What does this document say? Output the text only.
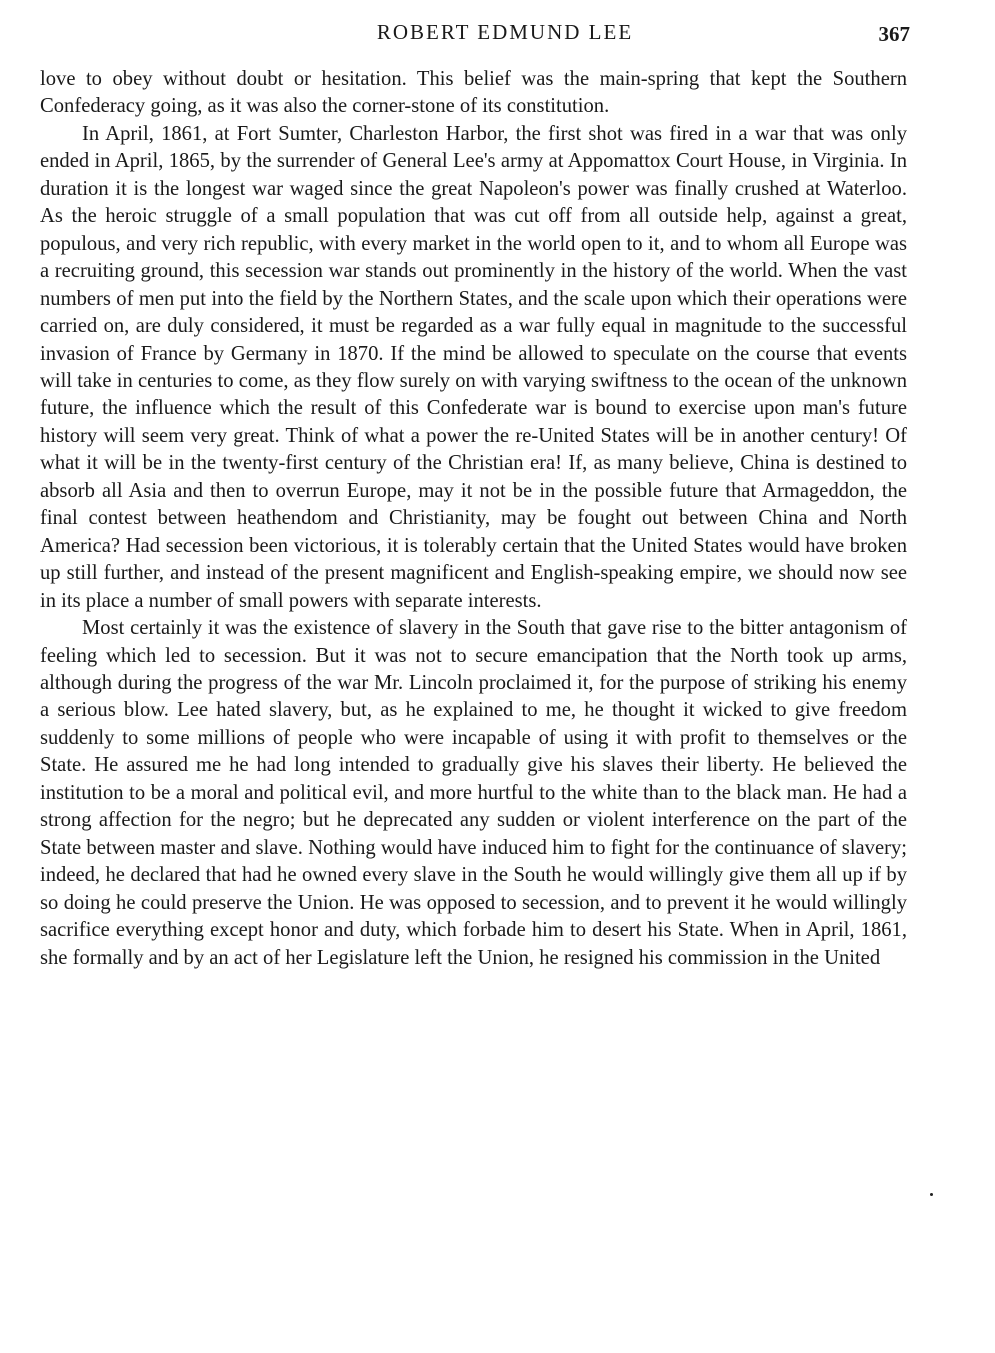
ROBERT EDMUND LEE	367

love to obey without doubt or hesitation. This belief was the main-spring that kept the Southern Confederacy going, as it was also the corner-stone of its constitution.

In April, 1861, at Fort Sumter, Charleston Harbor, the first shot was fired in a war that was only ended in April, 1865, by the surrender of General Lee's army at Appomattox Court House, in Virginia. In duration it is the longest war waged since the great Napoleon's power was finally crushed at Waterloo. As the heroic struggle of a small population that was cut off from all outside help, against a great, populous, and very rich republic, with every market in the world open to it, and to whom all Europe was a recruiting ground, this secession war stands out prominently in the history of the world. When the vast numbers of men put into the field by the Northern States, and the scale upon which their operations were carried on, are duly considered, it must be regarded as a war fully equal in magnitude to the successful invasion of France by Germany in 1870. If the mind be allowed to speculate on the course that events will take in centuries to come, as they flow surely on with varying swiftness to the ocean of the unknown future, the influence which the result of this Confederate war is bound to exercise upon man's future history will seem very great. Think of what a power the re-United States will be in another century! Of what it will be in the twenty-first century of the Christian era! If, as many believe, China is destined to absorb all Asia and then to overrun Europe, may it not be in the possible future that Armageddon, the final contest between heathendom and Christianity, may be fought out between China and North America? Had secession been victorious, it is tolerably certain that the United States would have broken up still further, and instead of the present magnificent and English-speaking empire, we should now see in its place a number of small powers with separate interests.

Most certainly it was the existence of slavery in the South that gave rise to the bitter antagonism of feeling which led to secession. But it was not to secure emancipation that the North took up arms, although during the progress of the war Mr. Lincoln proclaimed it, for the purpose of striking his enemy a serious blow. Lee hated slavery, but, as he explained to me, he thought it wicked to give freedom suddenly to some millions of people who were incapable of using it with profit to themselves or the State. He assured me he had long intended to gradually give his slaves their liberty. He believed the institution to be a moral and political evil, and more hurtful to the white than to the black man. He had a strong affection for the negro; but he deprecated any sudden or violent interference on the part of the State between master and slave. Nothing would have induced him to fight for the continuance of slavery; indeed, he declared that had he owned every slave in the South he would willingly give them all up if by so doing he could preserve the Union. He was opposed to secession, and to prevent it he would willingly sacrifice everything except honor and duty, which forbade him to desert his State. When in April, 1861, she formally and by an act of her Legislature left the Union, he resigned his commission in the United
